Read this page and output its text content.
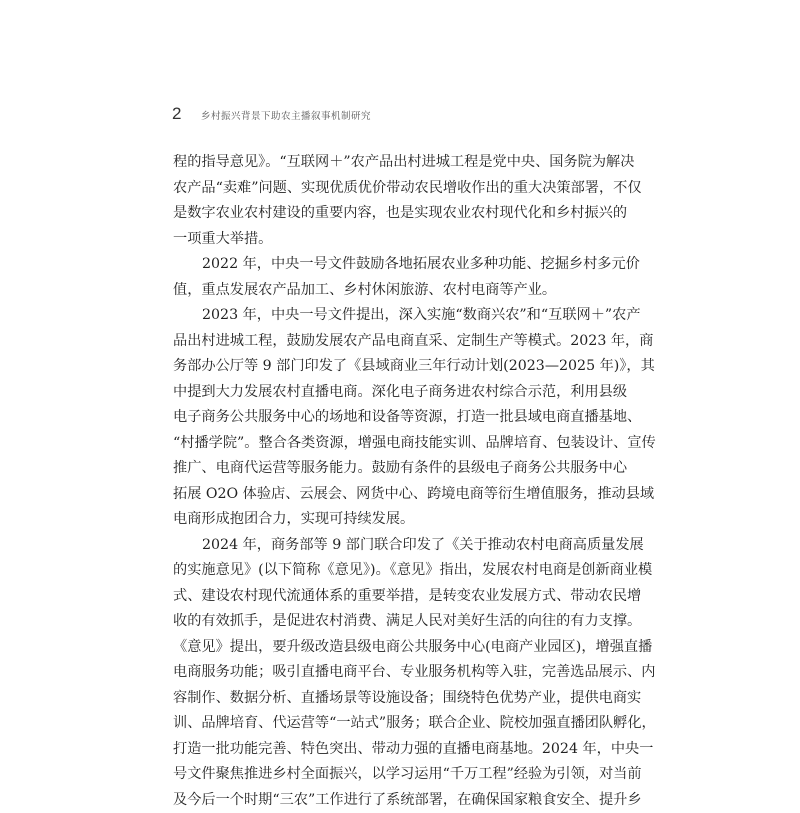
2 乡村振兴背景下助农主播叙事机制研究
程的指导意见》。“互联网＋”农产品出村进城工程是党中央、国务院为解决
农产品“卖难”问题、实现优质优价带动农民增收作出的重大决策部署，不仅
是数字农业农村建设的重要内容，也是实现农业农村现代化和乡村振兴的
一项重大举措。
2022 年，中央一号文件鼓励各地拓展农业多种功能、挖掘乡村多元价
值，重点发展农产品加工、乡村休闲旅游、农村电商等产业。
2023 年，中央一号文件提出，深入实施“数商兴农”和“互联网＋”农产
品出村进城工程，鼓励发展农产品电商直采、定制生产等模式。2023 年，商
务部办公厅等 9 部门印发了《县域商业三年行动计划(2023—2025 年)》，其
中提到大力发展农村直播电商。深化电子商务进农村综合示范，利用县级
电子商务公共服务中心的场地和设备等资源，打造一批县域电商直播基地、
“村播学院”。整合各类资源，增强电商技能实训、品牌培育、包装设计、宣传
推广、电商代运营等服务能力。鼓励有条件的县级电子商务公共服务中心
拓展 O2O 体验店、云展会、网货中心、跨境电商等衍生增值服务，推动县域
电商形成抱团合力，实现可持续发展。
2024 年，商务部等 9 部门联合印发了《关于推动农村电商高质量发展
的实施意见》(以下简称《意见》)。《意见》指出，发展农村电商是创新商业模
式、建设农村现代流通体系的重要举措，是转变农业发展方式、带动农民增
收的有效抓手，是促进农村消费、满足人民对美好生活的向往的有力支撑。
《意见》提出，要升级改造县级电商公共服务中心(电商产业园区)，增强直播
电商服务功能；吸引直播电商平台、专业服务机构等入驻，完善选品展示、内
容制作、数据分析、直播场景等设施设备；围绕特色优势产业，提供电商实
训、品牌培育、代运营等“一站式”服务；联合企业、院校加强直播团队孵化，
打造一批功能完善、特色突出、带动力强的直播电商基地。2024 年，中央一
号文件聚焦推进乡村全面振兴，以学习运用“千万工程”经验为引领，对当前
及今后一个时期“三农”工作进行了系统部署，在确保国家粮食安全、提升乡
